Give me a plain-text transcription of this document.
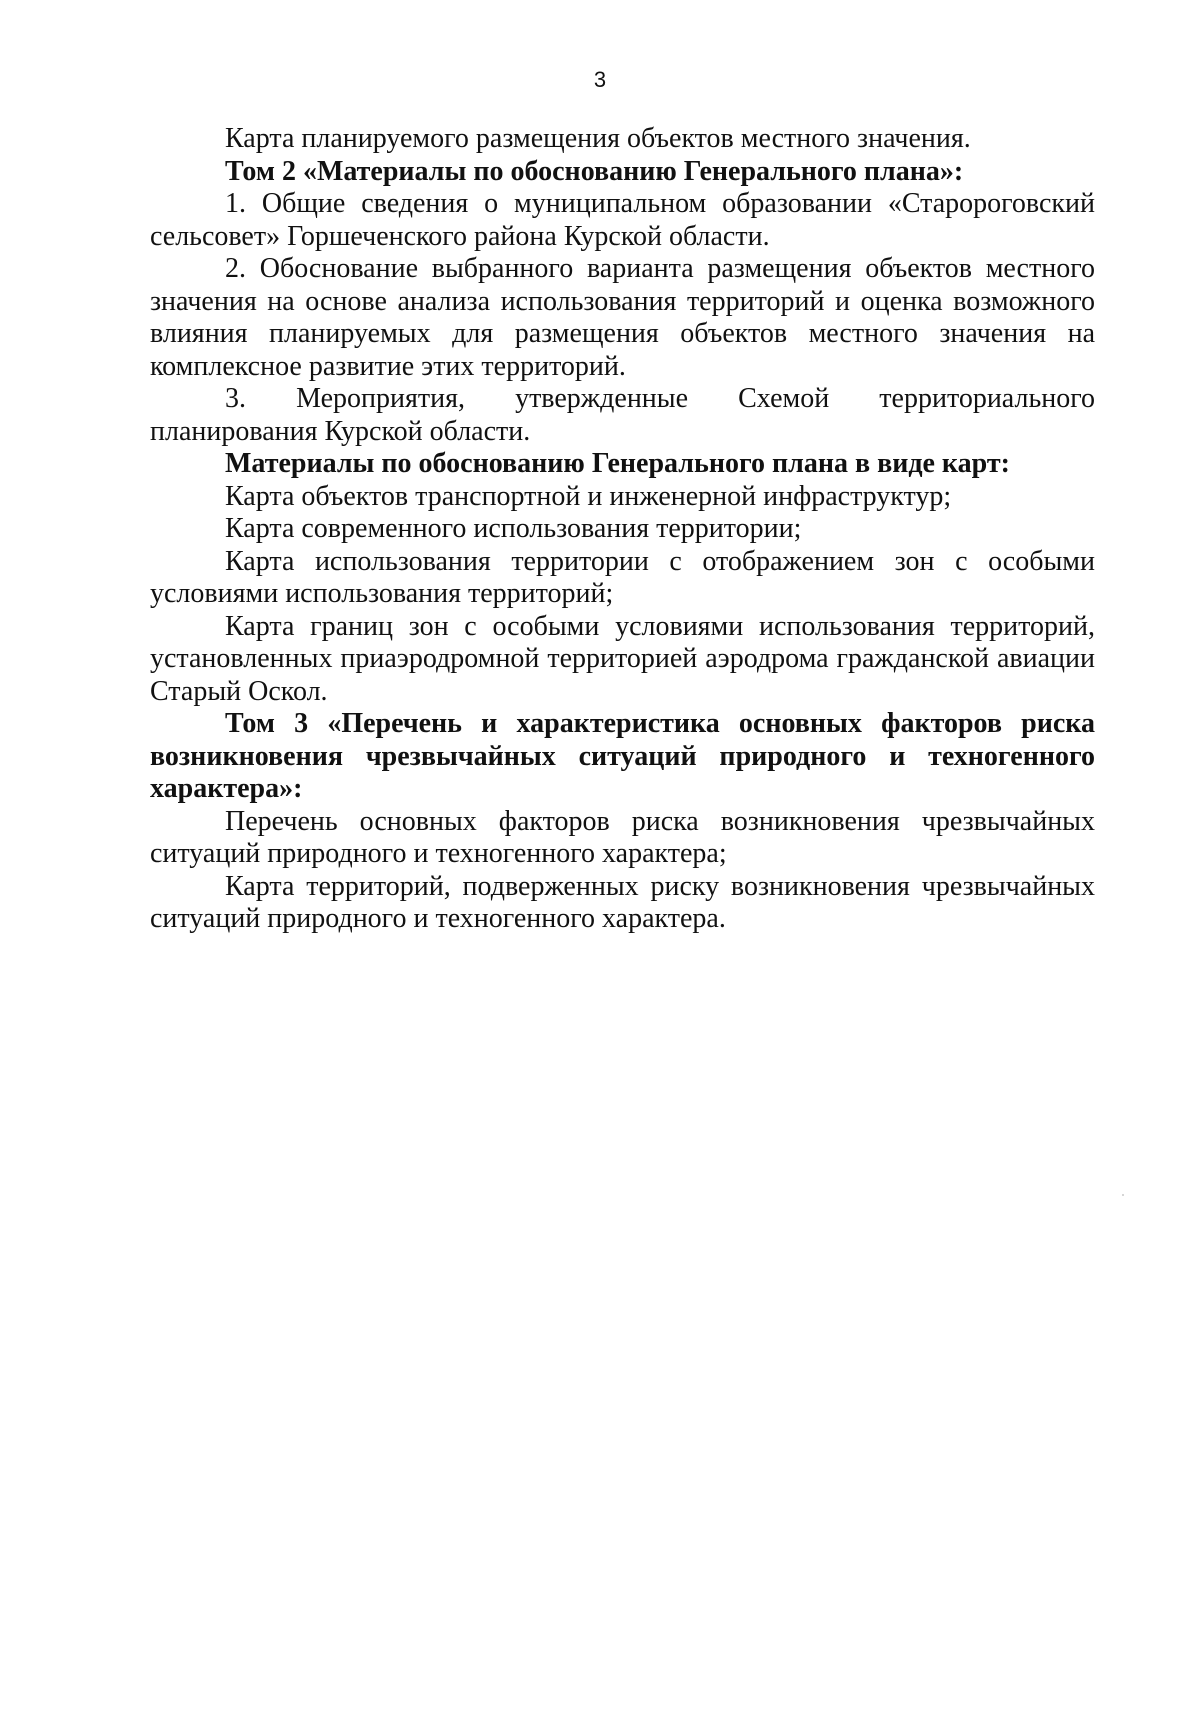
3

Карта планируемого размещения объектов местного значения.

Том 2 «Материалы по обоснованию Генерального плана»:

1. Общие сведения о муниципальном образовании «Старороговский сельсовет» Горшеченского района Курской области.

2. Обоснование выбранного варианта размещения объектов местного значения на основе анализа использования территорий и оценка возможного влияния планируемых для размещения объектов местного значения на комплексное развитие этих территорий.

3. Мероприятия, утвержденные Схемой территориального планирования Курской области.

Материалы по обоснованию Генерального плана в виде карт:

Карта объектов транспортной и инженерной инфраструктур;

Карта современного использования территории;

Карта использования территории с отображением зон с особыми условиями использования территорий;

Карта границ зон с особыми условиями использования территорий, установленных приаэродромной территорией аэродрома гражданской авиации Старый Оскол.

Том 3 «Перечень и характеристика основных факторов риска возникновения чрезвычайных ситуаций природного и техногенного характера»:

Перечень основных факторов риска возникновения чрезвычайных ситуаций природного и техногенного характера;

Карта территорий, подверженных риску возникновения чрезвычайных ситуаций природного и техногенного характера.
